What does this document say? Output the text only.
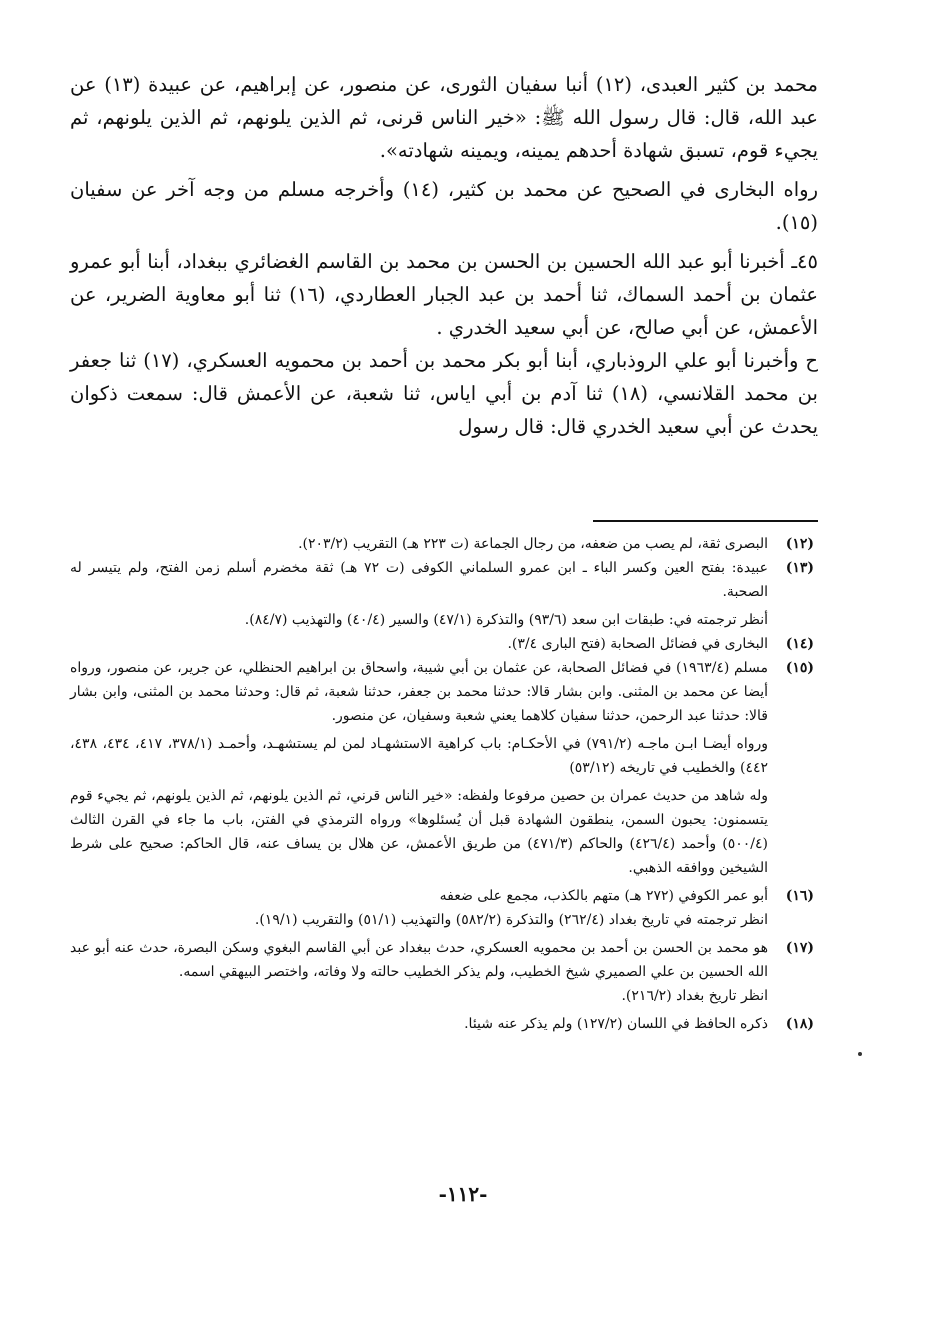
محمد بن كثير العبدى، (١٢) أنبا سفيان الثورى، عن منصور، عن إبراهيم، عن عبيدة (١٣) عن عبد الله، قال: قال رسول الله ﷺ: «خير الناس قرنى، ثم الذين يلونهم، ثم الذين يلونهم، ثم يجيء قوم، تسبق شهادة أحدهم يمينه، ويمينه شهادته».

رواه البخارى في الصحيح عن محمد بن كثير، (١٤) وأخرجه مسلم من وجه آخر عن سفيان (١٥).

٤٥ـ أخبرنا أبو عبد الله الحسين بن الحسن بن محمد بن القاسم الغضائري ببغداد، أبنا أبو عمرو عثمان بن أحمد السماك، ثنا أحمد بن عبد الجبار العطاردي، (١٦) ثنا أبو معاوية الضرير، عن الأعمش، عن أبي صالح، عن أبي سعيد الخدري .

ح وأخبرنا أبو علي الروذباري، أبنا أبو بكر محمد بن أحمد بن محمويه العسكري، (١٧) ثنا جعفر بن محمد القلانسي، (١٨) ثنا آدم بن أبي اياس، ثنا شعبة، عن الأعمش قال: سمعت ذكوان يحدث عن أبي سعيد الخدري قال: قال رسول

(١٢)
البصرى ثقة، لم يصب من ضعفه، من رجال الجماعة (ت ٢٢٣ هـ) التقريب (٢٠٣/٢).
(١٣)
عبيدة: بفتح العين وكسر الباء ـ ابن عمرو السلماني الكوفى (ت ٧٢ هـ) ثقة مخضرم أسلم زمن الفتح، ولم يتيسر له الصحبة.
أنظر ترجمته في: طبقات ابن سعد (٩٣/٦) والتذكرة (٤٧/١) والسير (٤٠/٤) والتهذيب (٨٤/٧).
(١٤)
البخارى في فضائل الصحابة (فتح البارى ٣/٤).
(١٥)
مسلم (١٩٦٣/٤) في فضائل الصحابة، عن عثمان بن أبي شيبة، واسحاق بن ابراهيم الحنظلي، عن جرير، عن منصور، ورواه أيضا عن محمد بن المثنى. وابن بشار قالا: حدثنا محمد بن جعفر، حدثنا شعبة، ثم قال: وحدثنا محمد بن المثنى، وابن بشار قالا: حدثنا عبد الرحمن، حدثنا سفيان كلاهما يعني شعبة وسفيان، عن منصور.
ورواه أيضـا ابـن ماجـه (٧٩١/٢) في الأحكـام: باب كراهية الاستشهـاد لمن لم يستشهـد، وأحمـد (٣٧٨/١، ٤١٧، ٤٣٤، ٤٣٨، ٤٤٢) والخطيب في تاريخه (٥٣/١٢)
وله شاهد من حديث عمران بن حصين مرفوعا ولفظه: «خير الناس قرني، ثم الذين يلونهم، ثم الذين يلونهم، ثم يجيء قوم يتسمنون: يحبون السمن، ينطقون الشهادة قبل أن يُسئلوها» ورواه الترمذي في الفتن، باب ما جاء في القرن الثالث (٥٠٠/٤) وأحمد (٤٢٦/٤) والحاكم (٤٧١/٣) من طريق الأعمش، عن هلال بن يساف عنه، قال الحاكم: صحيح على شرط الشيخين ووافقه الذهبي.
(١٦)
أبو عمر الكوفي (٢٧٢ هـ) متهم بالكذب، مجمع على ضعفه
انظر ترجمته في تاريخ بغداد (٢٦٢/٤) والتذكرة (٥٨٢/٢) والتهذيب (٥١/١) والتقريب (١٩/١).
(١٧)
هو محمد بن الحسن بن أحمد بن محمويه العسكري، حدث ببغداد عن أبي القاسم البغوي وسكن البصرة، حدث عنه أبو عبد الله الحسين بن علي الصميري شيخ الخطيب، ولم يذكر الخطيب حالته ولا وفاته، واختصر البيهقي اسمه.
انظر تاريخ بغداد (٢١٦/٢).
(١٨)
ذكره الحافظ في اللسان (١٢٧/٢) ولم يذكر عنه شيئا.
-١١٢-
